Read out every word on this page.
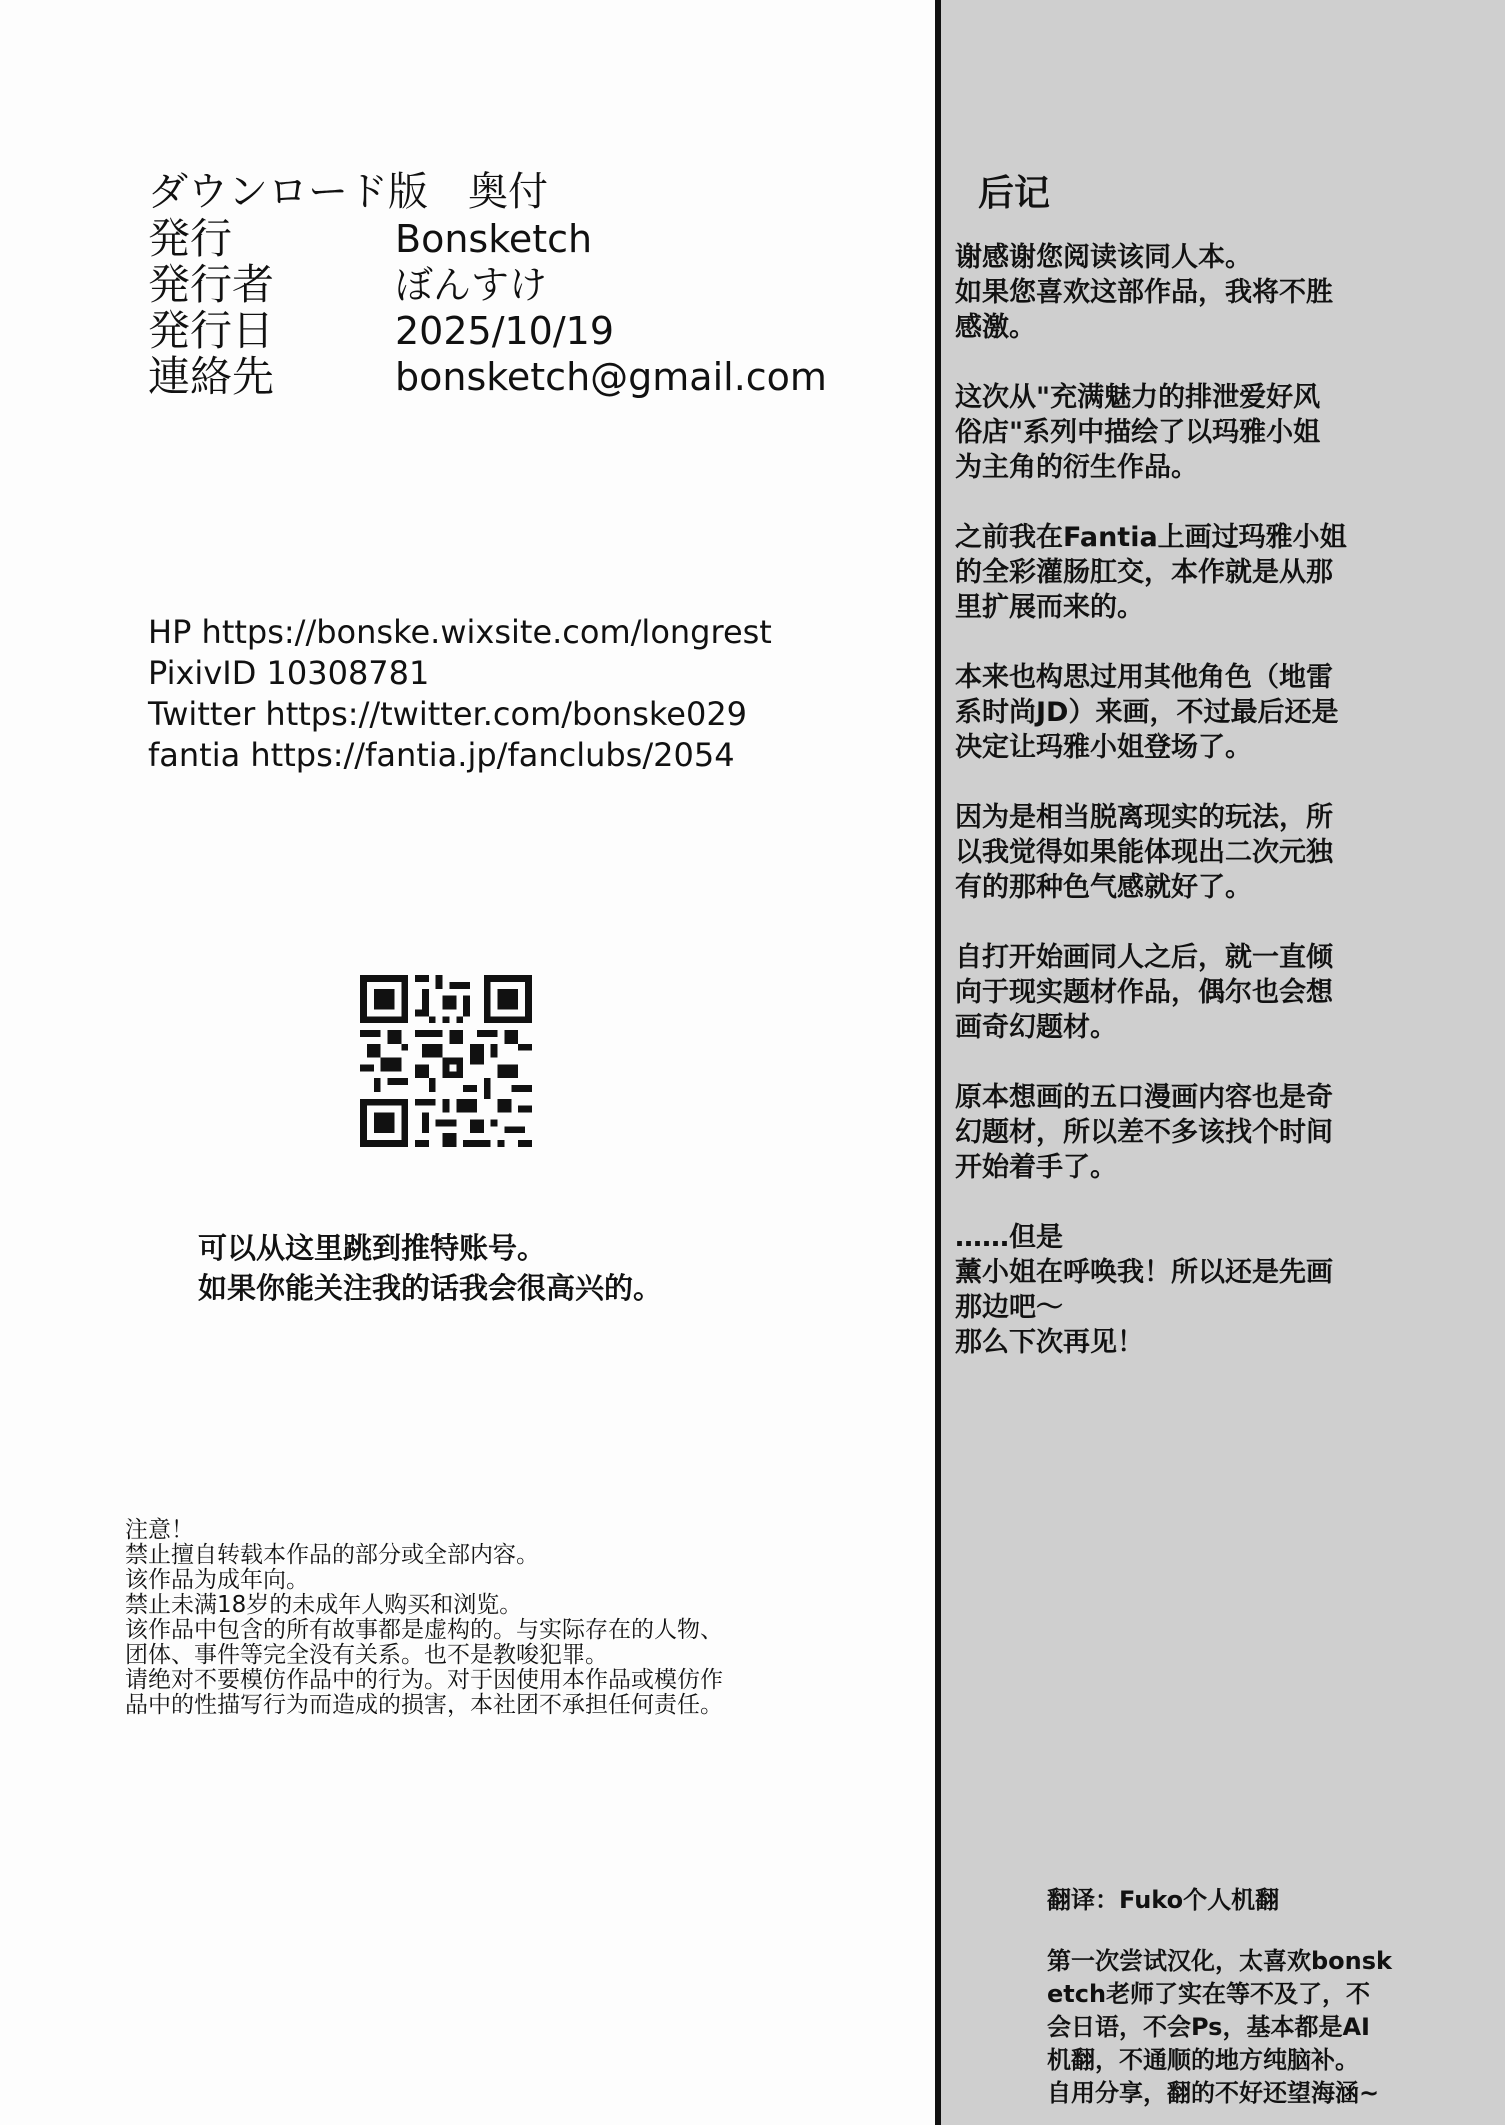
ダウンロード版　奥付
発行	Bonsketch
発行者	ぼんすけ
発行日	2025/10/19
連絡先	bonsketch@gmail.com
HP https://bonske.wixsite.com/longrest
PixivID 10308781
Twitter https://twitter.com/bonske029
fantia https://fantia.jp/fanclubs/2054
可以从这里跳到推特账号。
如果你能关注我的话我会很高兴的。
注意！
禁止擅自转载本作品的部分或全部内容。
该作品为成年向。
禁止未满18岁的未成年人购买和浏览。
该作品中包含的所有故事都是虚构的。与实际存在的人物、
团体、事件等完全没有关系。也不是教唆犯罪。
请绝对不要模仿作品中的行为。对于因使用本作品或模仿作
品中的性描写行为而造成的损害，本社团不承担任何责任。
后记

谢感谢您阅读该同人本。
如果您喜欢这部作品，我将不胜
感激。

这次从"充满魅力的排泄爱好风
俗店"系列中描绘了以玛雅小姐
为主角的衍生作品。

之前我在Fantia上画过玛雅小姐
的全彩灌肠肛交，本作就是从那
里扩展而来的。

本来也构思过用其他角色（地雷
系时尚JD）来画，不过最后还是
决定让玛雅小姐登场了。

因为是相当脱离现实的玩法，所
以我觉得如果能体现出二次元独
有的那种色气感就好了。

自打开始画同人之后，就一直倾
向于现实题材作品，偶尔也会想
画奇幻题材。

原本想画的五口漫画内容也是奇
幻题材，所以差不多该找个时间
开始着手了。

……但是
薰小姐在呼唤我！所以还是先画
那边吧～
那么下次再见！

翻译：Fuko个人机翻
第一次尝试汉化，太喜欢bonsk
etch老师了实在等不及了，不
会日语，不会Ps，基本都是AI
机翻，不通顺的地方纯脑补。
自用分享，翻的不好还望海涵~
